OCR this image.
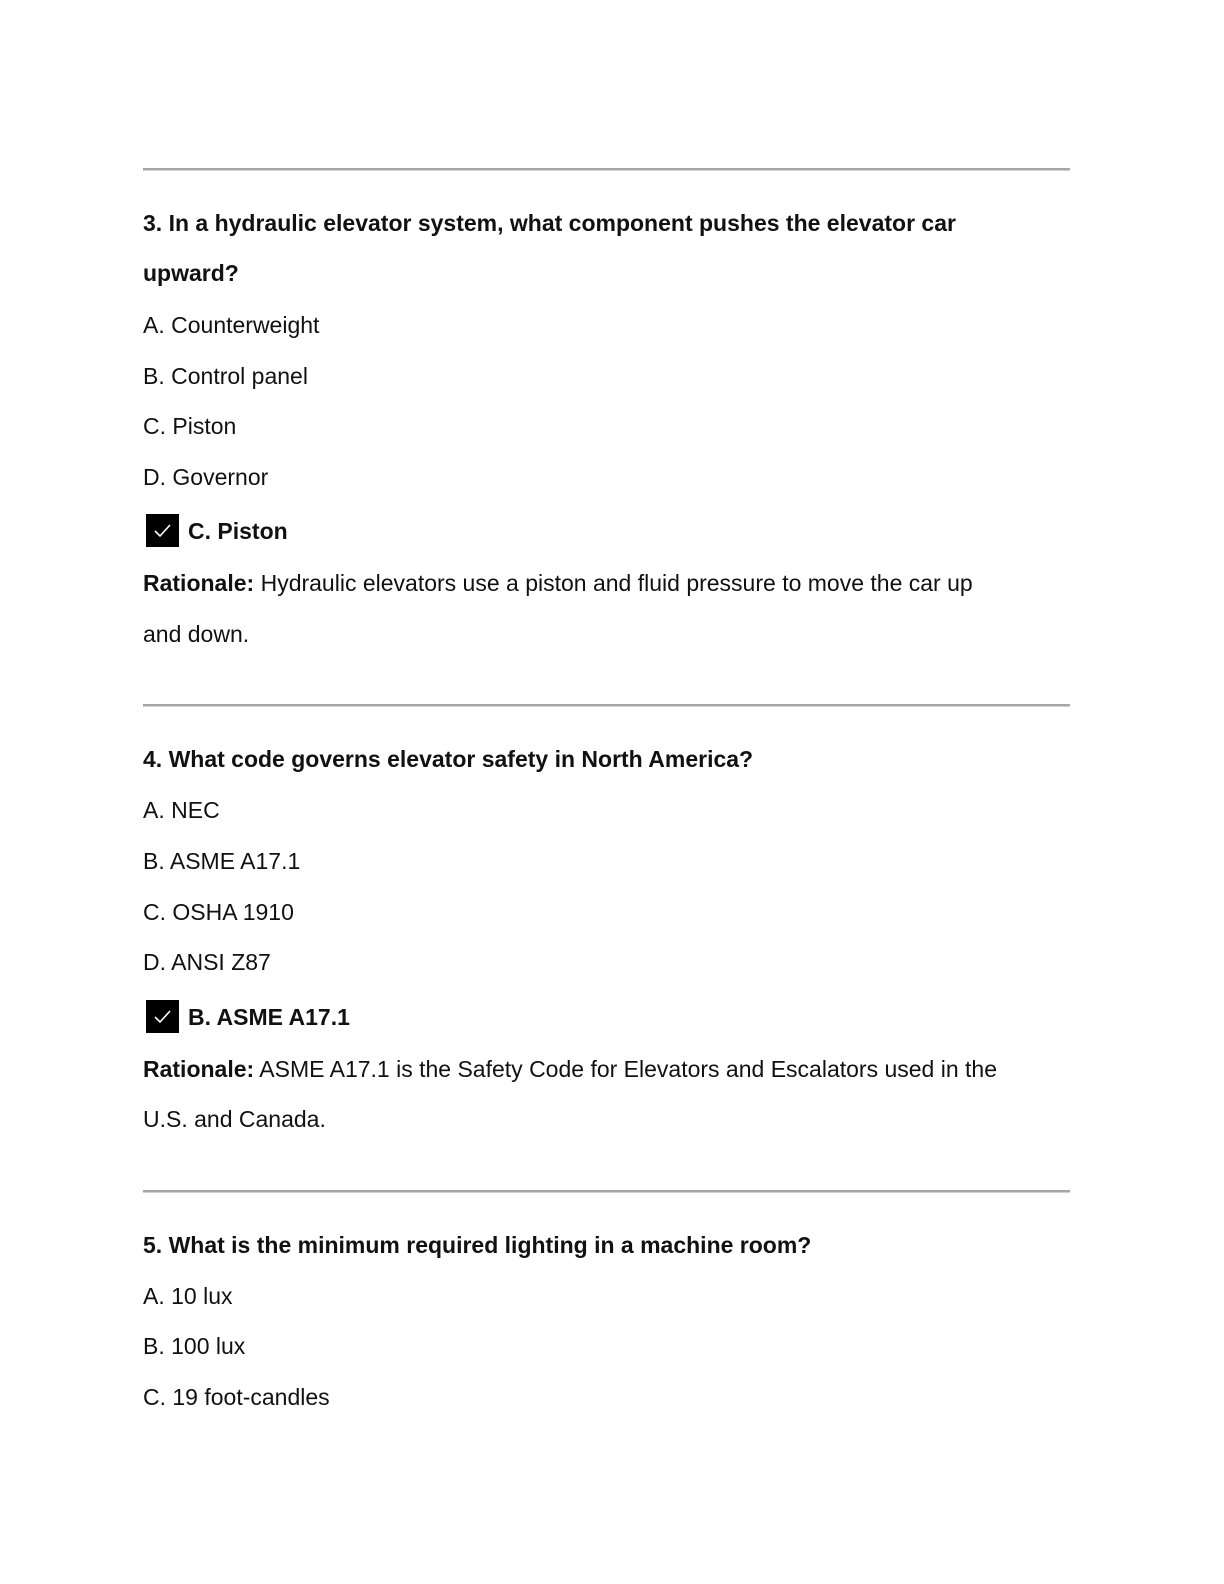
3. In a hydraulic elevator system, what component pushes the elevator car
upward?
A. Counterweight
B. Control panel
C. Piston
D. Governor
C. Piston
Rationale: Hydraulic elevators use a piston and fluid pressure to move the car up
and down.
4. What code governs elevator safety in North America?
A. NEC
B. ASME A17.1
C. OSHA 1910
D. ANSI Z87
B. ASME A17.1
Rationale: ASME A17.1 is the Safety Code for Elevators and Escalators used in the
U.S. and Canada.
5. What is the minimum required lighting in a machine room?
A. 10 lux
B. 100 lux
C. 19 foot-candles
